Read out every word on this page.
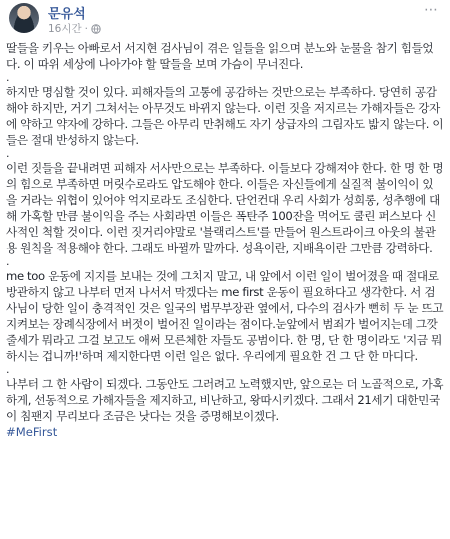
문유석
16시간 ·
⋯

딸들을 키우는 아빠로서 서지현 검사님이 겪은 일들을 읽으며 분노와 눈물을 참기 힘들었다. 이 따위 세상에 나아가야 할 딸들을 보며 가슴이 무너진다.

.

하지만 명심할 것이 있다. 피해자들의 고통에 공감하는 것만으로는 부족하다. 당연히 공감해야 하지만, 거기 그쳐서는 아무것도 바뀌지 않는다. 이런 짓을 저지르는 가해자들은 강자에 약하고 약자에 강하다. 그들은 아무리 만취해도 자기 상급자의 그림자도 밟지 않는다. 이들은 절대 반성하지 않는다.

.

이런 짓들을 끝내려면 피해자 서사만으로는 부족하다. 이들보다 강해져야 한다. 한 명 한 명의 힘으로 부족하면 머릿수로라도 압도해야 한다. 이들은 자신들에게 실질적 불이익이 있을 거라는 위협이 있어야 억지로라도 조심한다. 단언컨대 우리 사회가 성희롱, 성추행에 대해 가혹할 만큼 불이익을 주는 사회라면 이들은 폭탄주 100잔을 먹어도 쿨린 퍼스보다 신사적인 척할 것이다. 이런 짓거리야말로 '블랙리스트'를 만들어 원스트라이크 아웃의 불관용 원칙을 적용해야 한다. 그래도 바뀔까 말까다. 성욕이란, 지배욕이란 그만큼 강력하다.

.

me too 운동에 지지를 보내는 것에 그치지 말고, 내 앞에서 이런 일이 벌어졌을 때 절대로 방관하지 않고 나부터 먼저 나서서 막겠다는 me first 운동이 필요하다고 생각한다. 서 검사님이 당한 일이 충격적인 것은 일국의 법무부장관 옆에서, 다수의 검사가 뻔히 두 눈 뜨고 지켜보는 장례식장에서 버젓이 벌어진 일이라는 점이다.눈앞에서 범죄가 벌어지는데 그깟 줄세가 뭐라고 그걸 보고도 애써 모른체한 자들도 공범이다. 한 명, 단 한 명이라도 '지금 뭐하시는 겁니까!'하며 제지한다면 이런 일은 없다. 우리에게 필요한 건 그 단 한 마디다.

.

나부터 그 한 사람이 되겠다. 그동안도 그러려고 노력했지만, 앞으로는 더 노골적으로, 가혹하게, 선동적으로 가해자들을 제지하고, 비난하고, 왕따시키겠다. 그래서 21세기 대한민국이 침팬지 무리보다 조금은 낫다는 것을 증명해보이겠다.

#MeFirst
